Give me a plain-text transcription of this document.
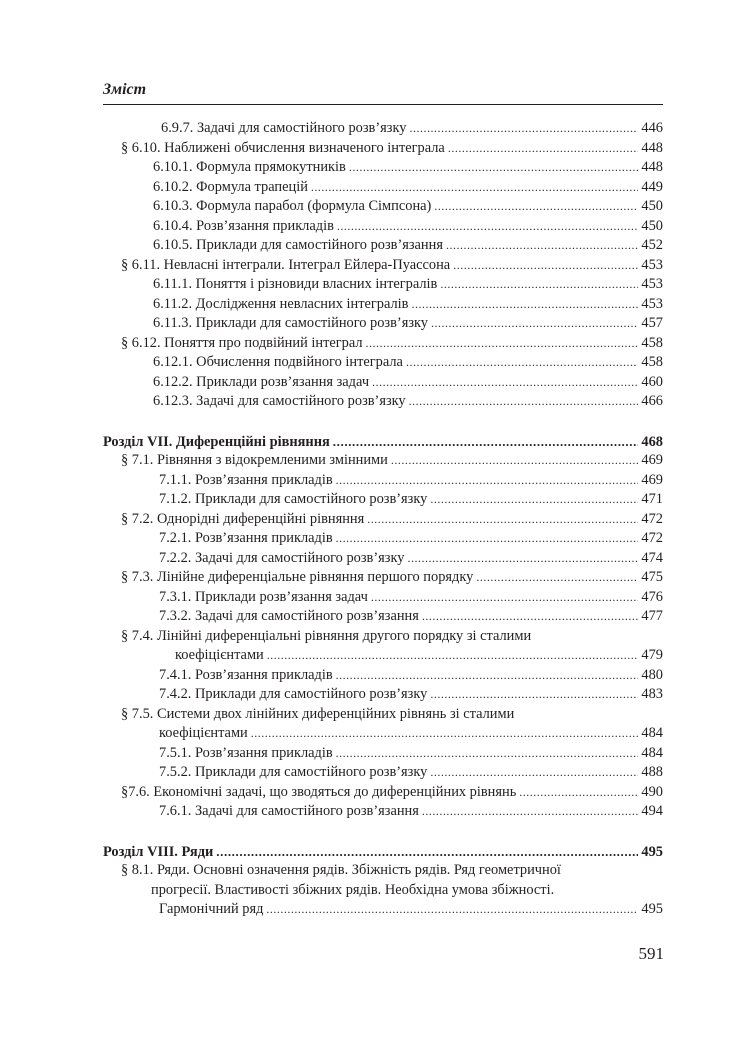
Зміст
6.9.7. Задачі для самостійного розв’язку .....	446
§ 6.10. Наближені обчислення визначеного інтеграла .....	448
6.10.1. Формула прямокутників .....	448
6.10.2. Формула трапецій .....	449
6.10.3. Формула парабол (формула Сімпсона) .....	450
6.10.4. Розв’язання прикладів .....	450
6.10.5. Приклади для самостійного розв’язання .....	452
§ 6.11. Невласні інтеграли. Інтеграл Ейлера-Пуассона .....	453
6.11.1. Поняття і різновиди власних інтегралів .....	453
6.11.2. Дослідження невласних інтегралів .....	453
6.11.3. Приклади для самостійного розв’язку .....	457
§ 6.12. Поняття про подвійний інтеграл .....	458
6.12.1. Обчислення подвійного інтеграла .....	458
6.12.2. Приклади розв’язання задач .....	460
6.12.3. Задачі для самостійного розв’язку .....	466
Розділ VII. Диференційні рівняння .....	468
§ 7.1. Рівняння з відокремленими змінними .....	469
7.1.1. Розв’язання прикладів .....	469
7.1.2. Приклади для самостійного розв’язку .....	471
§ 7.2. Однорідні диференційні рівняння .....	472
7.2.1. Розв’язання прикладів .....	472
7.2.2. Задачі для самостійного розв’язку .....	474
§ 7.3. Лінійне диференціальне рівняння першого порядку .....	475
7.3.1. Приклади розв’язання задач .....	476
7.3.2. Задачі для самостійного розв’язання .....	477
§ 7.4. Лінійні диференціальні рівняння другого порядку зі сталими
коефіцієнтами .....	479
7.4.1. Розв’язання прикладів .....	480
7.4.2. Приклади для самостійного розв’язку .....	483
§ 7.5. Системи двох лінійних диференційних рівнянь зі сталими
коефіцієнтами .....	484
7.5.1. Розв’язання прикладів .....	484
7.5.2. Приклади для самостійного розв’язку .....	488
§7.6. Економічні задачі, що зводяться до диференційних рівнянь .....	490
7.6.1. Задачі для самостійного розв’язання .....	494
Розділ VIII. Ряди .....	495
§ 8.1. Ряди. Основні означення рядів. Збіжність рядів. Ряд геометричної
прогресії. Властивості збіжних рядів. Необхідна умова збіжності.
Гармонічний ряд .....	495
591
